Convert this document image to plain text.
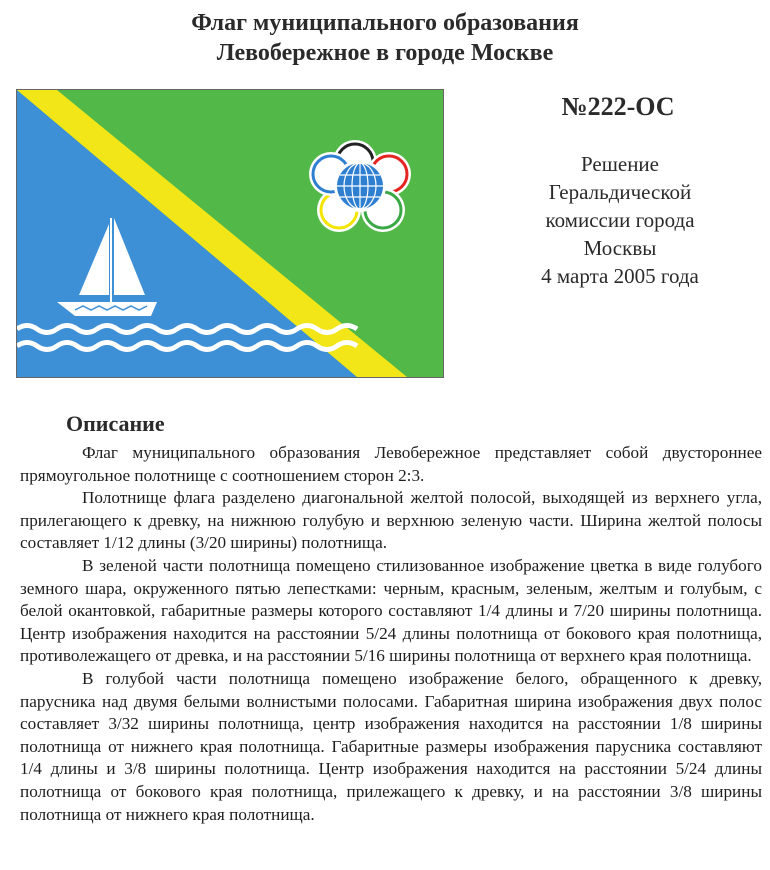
Флаг муниципального образования
Левобережное в городе Москве
№222-ОС
Решение
Геральдической
комиссии города
Москвы
4 марта 2005 года
Описание

Флаг муниципального образования Левобережное представляет собой двустороннее прямоугольное полотнище с соотношением сторон 2:3.

Полотнище флага разделено диагональной желтой полосой, выходящей из верхнего угла, прилегающего к древку, на нижнюю голубую и верхнюю зеленую части. Ширина желтой полосы составляет 1/12 длины (3/20 ширины) полотнища.

В зеленой части полотнища помещено стилизованное изображение цветка в виде голубого земного шара, окруженного пятью лепестками: черным, красным, зеленым, желтым и голубым, с белой окантовкой, габаритные размеры которого составляют 1/4 длины и 7/20 ширины полотнища. Центр изображения находится на расстоянии 5/24 длины полотнища от бокового края полотнища, противолежащего от древка, и на расстоянии 5/16 ширины полотнища от верхнего края полотнища.

В голубой части полотнища помещено изображение белого, обращенного к древку, парусника над двумя белыми волнистыми полосами. Габаритная ширина изображения двух полос составляет 3/32 ширины полотнища, центр изображения находится на расстоянии 1/8 ширины полотнища от нижнего края полотнища. Габаритные размеры изображения парусника составляют 1/4 длины и 3/8 ширины полотнища. Центр изображения находится на расстоянии 5/24 длины полотнища от бокового края полотнища, прилежащего к древку, и на расстоянии 3/8 ширины полотнища от нижнего края полотнища.
